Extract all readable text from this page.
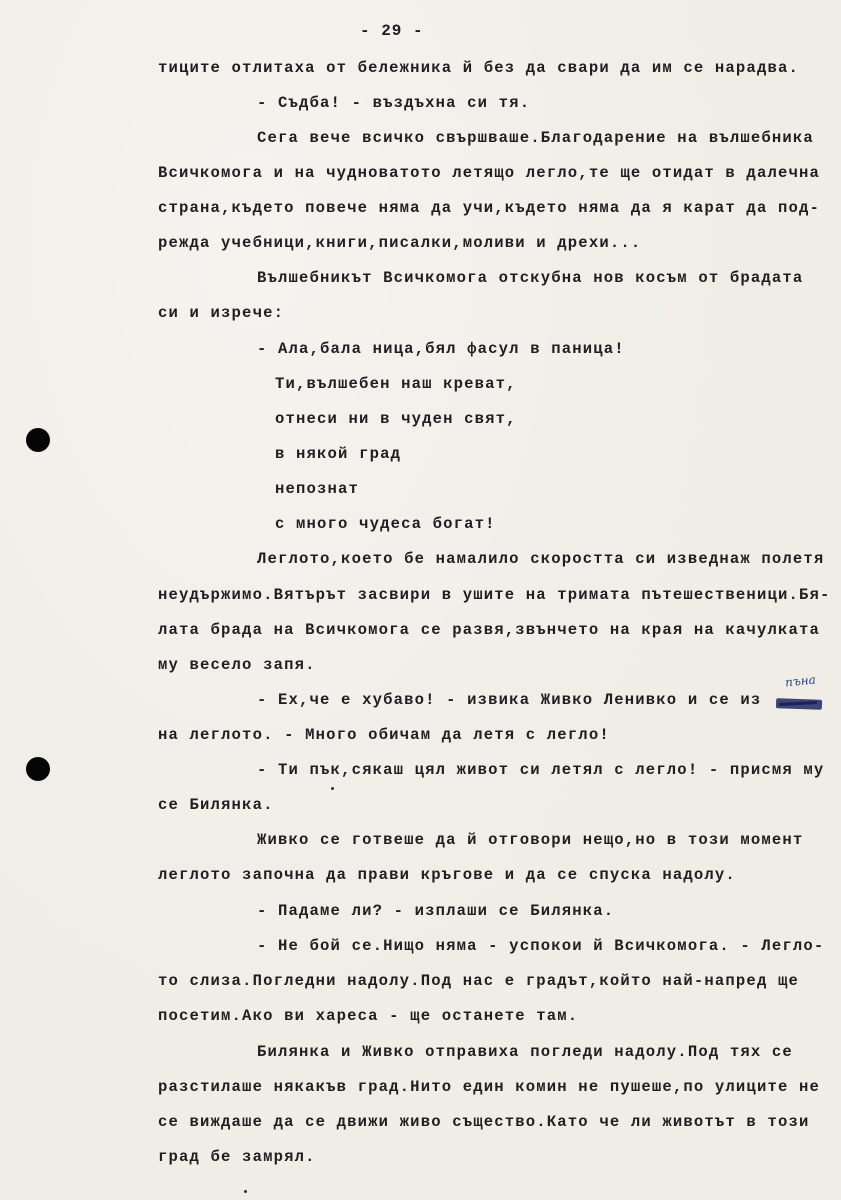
- 29 -
тиците отлитаха от бележника й без да свари да им се нарадва.
- Съдба! - въздъхна си тя.
Сега вече всичко свършваше.Благодарение на вълшебника
Всичкомога и на чудноватото летящо легло,те ще отидат в далечна
страна,където повече няма да учи,където няма да я карат да под-
режда учебници,книги,писалки,моливи и дрехи...
Вълшебникът Всичкомога отскубна нов косъм от брадата
си и изрече:
- Ала,бала ница,бял фасул в паница!
Ти,вълшебен наш креват,
отнеси ни в чуден свят,
в някой град
непознат
с много чудеса богат!
Леглото,което бе намалило скоростта си изведнаж полетя
неудържимо.Вятърът засвири в ушите на тримата пътешественици.Бя-
лата брада на Всичкомога се развя,звънчето на края на качулката
му весело запя.
- Ех,че е хубаво! - извика Живко Ленивко и се из
на леглото. - Много обичам да летя с легло!
- Ти пък,сякаш цял живот си летял с легло! - присмя му
се Билянка.
Живко се готвеше да й отговори нещо,но в този момент
леглото започна да прави кръгове и да се спуска надолу.
- Падаме ли? - изплаши се Билянка.
- Не бой се.Нищо няма - успокои й Всичкомога. - Легло-
то слиза.Погледни надолу.Под нас е градът,който най-напред ще
посетим.Ако ви хареса - ще останете там.
Билянка и Живко отправиха погледи надолу.Под тях се
разстилаше някакъв град.Нито един комин не пушеше,по улиците не
се виждаше да се движи живо същество.Като че ли животът в този
град бе замрял.
пъна
